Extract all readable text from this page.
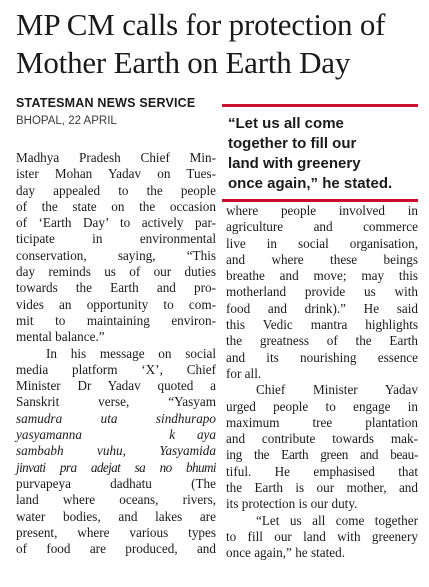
MP CM calls for protection of
Mother Earth on Earth Day
STATESMAN NEWS SERVICE
BHOPAL, 22 APRIL	“Let us all come
together to fill our
land with greenery
once again,” he stated.
Madhya Pradesh Chief Min-
ister Mohan Yadav on Tues-
day appealed to the people
of the state on the occasion
of ‘Earth Day’ to actively par-
ticipate in environmental
conservation, saying, “This
day reminds us of our duties
towards the Earth and pro-
vides an opportunity to com-
mit to maintaining environ-
mental balance.”
In his message on social
media platform ‘X’, Chief
Minister Dr Yadav quoted a
Sanskrit verse, “Yasyam
samudra uta sindhurapo
yasyamanna    k aya
sambabh vuhu, Yasyamida
jinvati pra adejat sa no bhumi
purvapeya dadhatu (The
land where oceans, rivers,
water bodies, and lakes are
present, where various types
of food are produced, and
where people involved in
agriculture and commerce
live in social organisation,
and where these beings
breathe and move; may this
motherland provide us with
food and drink).” He said
this Vedic mantra highlights
the greatness of the Earth
and its nourishing essence
for all.
Chief Minister Yadav
urged people to engage in
maximum tree plantation
and contribute towards mak-
ing the Earth green and beau-
tiful. He emphasised that
the Earth is our mother, and
its protection is our duty.
“Let us all come together
to fill our land with greenery
once again,” he stated.
